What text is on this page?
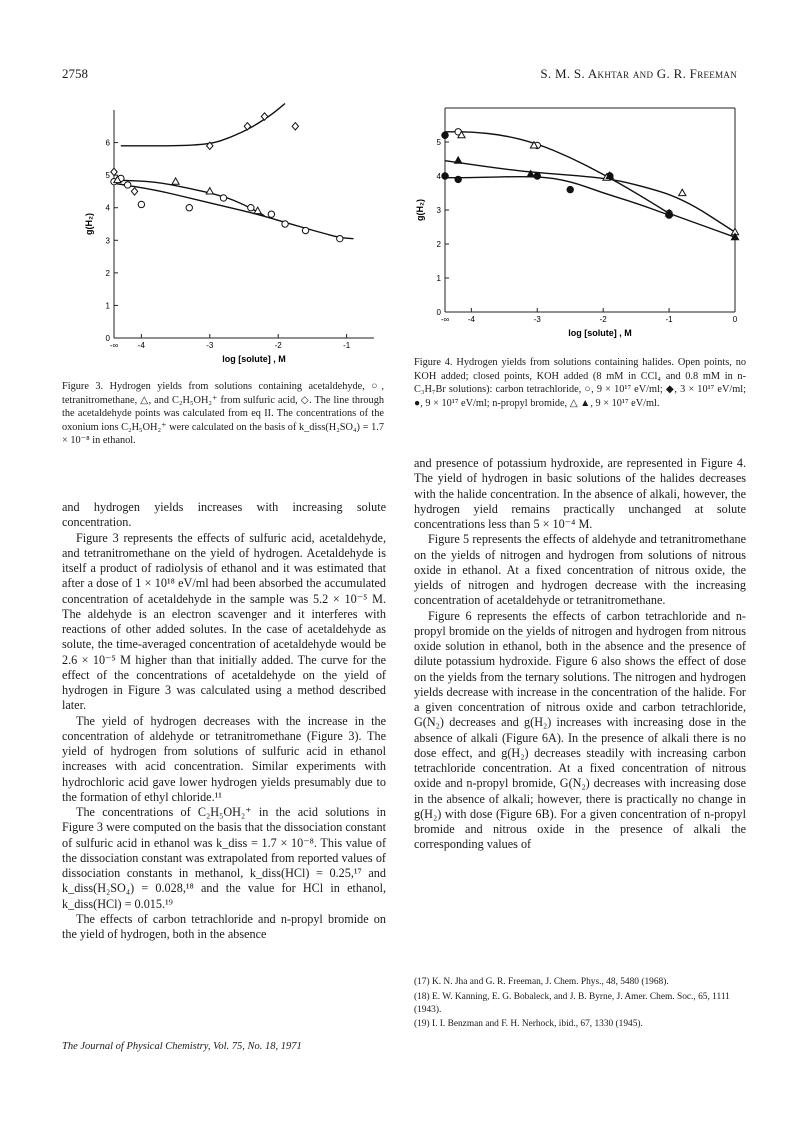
2758	S. M. S. Akhtar and G. R. Freeman
-∞ -4	-3	-2	-1
0
1
2
3
4
5
6
log [solute] , M
g(H₂)
Figure 3. Hydrogen yields from solutions containing acetaldehyde, ○, tetranitromethane, △, and C₂H₅OH₂⁺ from sulfuric acid, ◇. The line through the acetaldehyde points was calculated from eq II. The concentrations of the oxonium ions C₂H₅OH₂⁺ were calculated on the basis of k_diss(H₂SO₄) = 1.7 × 10⁻⁸ in ethanol.
-∞ -4	-3	-2	-1	0
0
1
2
3
4
5
log [solute] , M
g(H₂)
Figure 4. Hydrogen yields from solutions containing halides. Open points, no KOH added; closed points, KOH added (8 mM in CCl₄ and 0.8 mM in n-C₃H₇Br solutions): carbon tetrachloride, ○, 9 × 10¹⁷ eV/ml; ◆, 3 × 10¹⁷ eV/ml; ●, 9 × 10¹⁷ eV/ml; n-propyl bromide, △ ▲, 9 × 10¹⁷ eV/ml.

and hydrogen yields increases with increasing solute concentration.

Figure 3 represents the effects of sulfuric acid, acetaldehyde, and tetranitromethane on the yield of hydrogen. Acetaldehyde is itself a product of radiolysis of ethanol and it was estimated that after a dose of 1 × 10¹⁸ eV/ml had been absorbed the accumulated concentration of acetaldehyde in the sample was 5.2 × 10⁻⁵ M. The aldehyde is an electron scavenger and it interferes with reactions of other added solutes. In the case of acetaldehyde as solute, the time-averaged concentration of acetaldehyde would be 2.6 × 10⁻⁵ M higher than that initially added. The curve for the effect of the concentrations of acetaldehyde on the yield of hydrogen in Figure 3 was calculated using a method described later.

The yield of hydrogen decreases with the increase in the concentration of aldehyde or tetranitromethane (Figure 3). The yield of hydrogen from solutions of sulfuric acid in ethanol increases with acid concentration. Similar experiments with hydrochloric acid gave lower hydrogen yields presumably due to the formation of ethyl chloride.¹¹

The concentrations of C₂H₅OH₂⁺ in the acid solutions in Figure 3 were computed on the basis that the dissociation constant of sulfuric acid in ethanol was k_diss = 1.7 × 10⁻⁸. This value of the dissociation constant was extrapolated from reported values of dissociation constants in methanol, k_diss(HCl) = 0.25,¹⁷ and k_diss(H₂SO₄) = 0.028,¹⁸ and the value for HCl in ethanol, k_diss(HCl) = 0.015.¹⁹

The effects of carbon tetrachloride and n-propyl bromide on the yield of hydrogen, both in the absence

and presence of potassium hydroxide, are represented in Figure 4. The yield of hydrogen in basic solutions of the halides decreases with the halide concentration. In the absence of alkali, however, the hydrogen yield remains practically unchanged at solute concentrations less than 5 × 10⁻⁴ M.

Figure 5 represents the effects of aldehyde and tetranitromethane on the yields of nitrogen and hydrogen from solutions of nitrous oxide in ethanol. At a fixed concentration of nitrous oxide, the yields of nitrogen and hydrogen decrease with the increasing concentration of acetaldehyde or tetranitromethane.

Figure 6 represents the effects of carbon tetrachloride and n-propyl bromide on the yields of nitrogen and hydrogen from nitrous oxide solution in ethanol, both in the absence and the presence of dilute potassium hydroxide. Figure 6 also shows the effect of dose on the yields from the ternary solutions. The nitrogen and hydrogen yields decrease with increase in the concentration of the halide. For a given concentration of nitrous oxide and carbon tetrachloride, G(N₂) decreases and g(H₂) increases with increasing dose in the absence of alkali (Figure 6A). In the presence of alkali there is no dose effect, and g(H₂) decreases steadily with increasing carbon tetrachloride concentration. At a fixed concentration of nitrous oxide and n-propyl bromide, G(N₂) decreases with increasing dose in the absence of alkali; however, there is practically no change in g(H₂) with dose (Figure 6B). For a given concentration of n-propyl bromide and nitrous oxide in the presence of alkali the corresponding values of

(17) K. N. Jha and G. R. Freeman, J. Chem. Phys., 48, 5480 (1968).
(18) E. W. Kanning, E. G. Bobaleck, and J. B. Byrne, J. Amer. Chem. Soc., 65, 1111 (1943).
(19) I. I. Benzman and F. H. Nerhock, ibid., 67, 1330 (1945).
The Journal of Physical Chemistry, Vol. 75, No. 18, 1971
